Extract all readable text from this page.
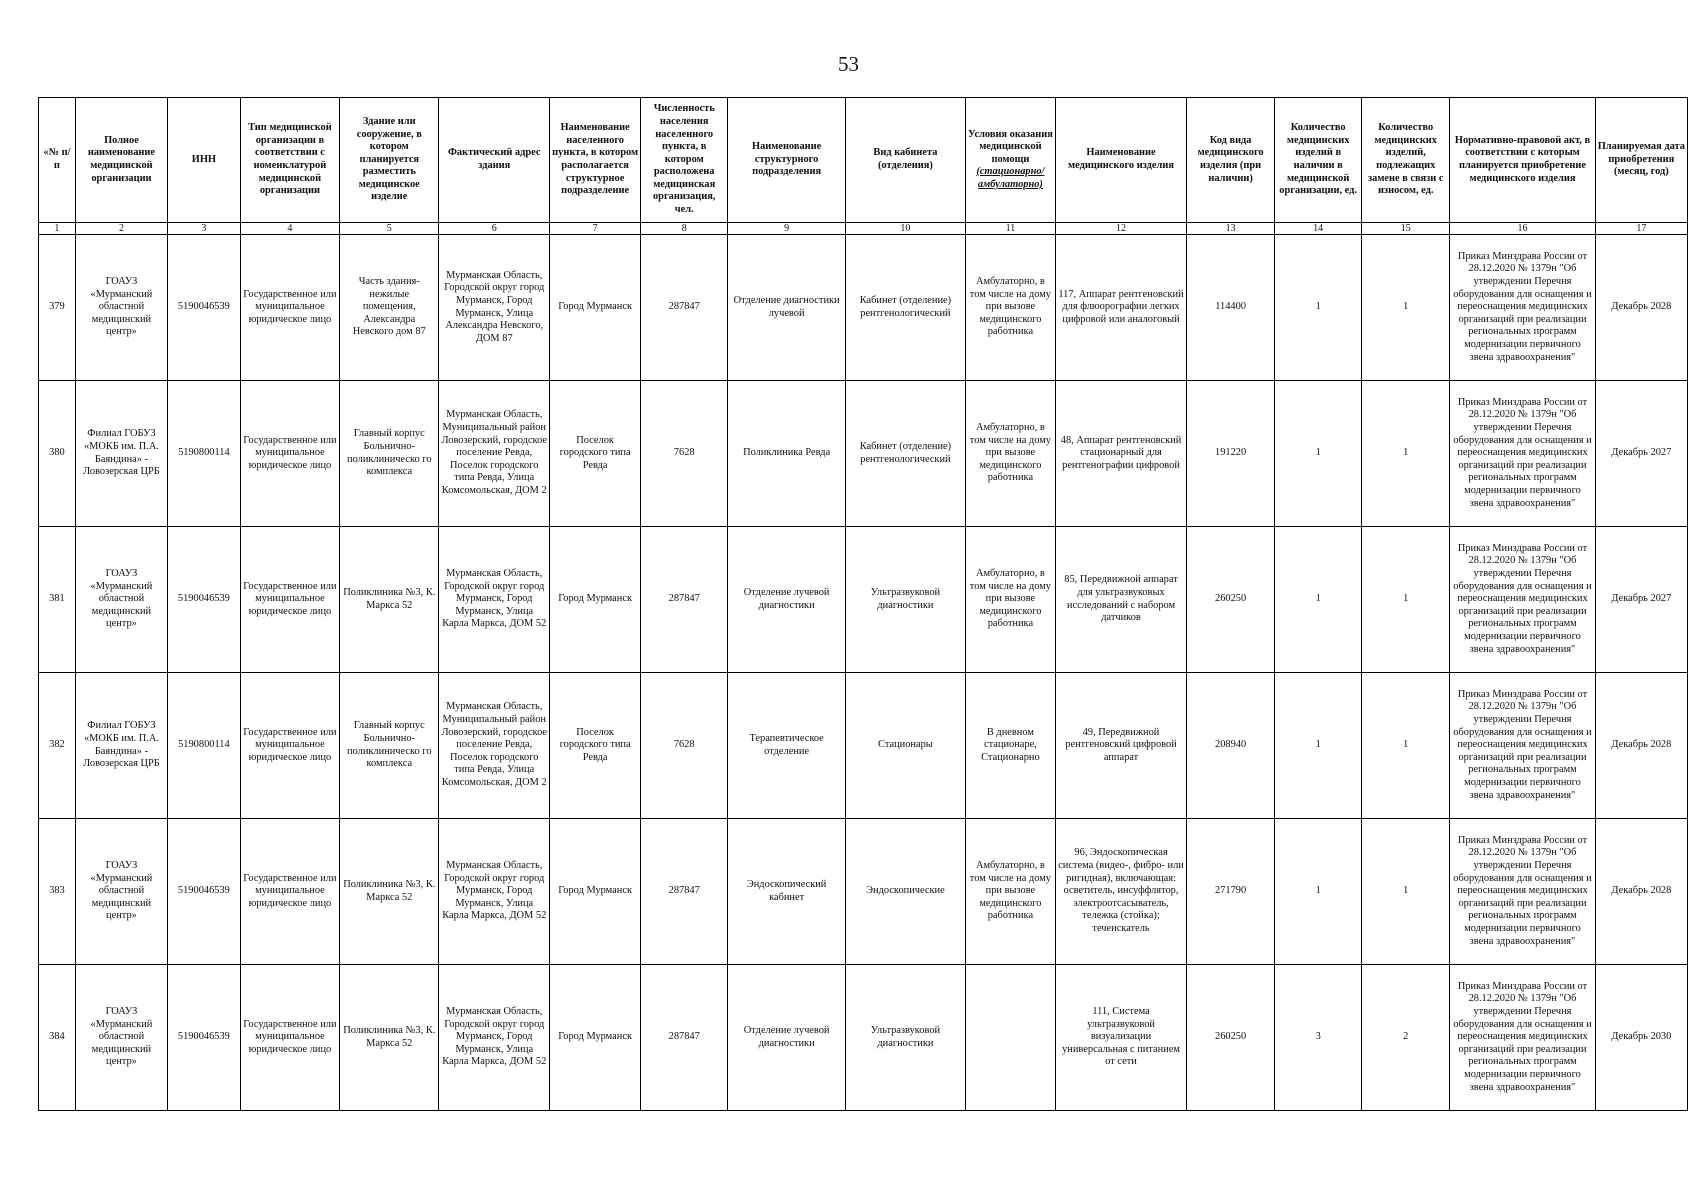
53
«№ п/п	Полное наименование медицинской организации	ИНН	Тип медицинской организации в соответствии с номенклатурой медицинской организации	Здание или сооружение, в котором планируется разместить медицинское изделие	Фактический адрес здания	Наименование населенного пункта, в котором располагается структурное подразделение	Численность населения населенного пункта, в котором расположена медицинская организация, чел.	Наименование структурного подразделения	Вид кабинета (отделения)	Условия оказания медицинской помощи (стационарно/ амбулаторно)	Наименование медицинского изделия	Код вида медицинского изделия (при наличии)	Количество медицинских изделий в наличии в медицинской организации, ед.	Количество медицинских изделий, подлежащих замене в связи с износом, ед.	Нормативно-правовой акт, в соответствии с которым планируется приобретение медицинского изделия	Планируемая дата приобретения (месяц, год)
1	2	3	4	5	6	7	8	9	10	11	12	13	14	15	16	17
379	ГОАУЗ «Мурманский областной медицинский центр»	5190046539	Государственное или муниципальное юридическое лицо	Часть здания- нежилые помещения, Александра Невского дом 87	Мурманская Область, Городской округ город Мурманск, Город Мурманск, Улица Александра Невского, ДОМ 87	Город Мурманск	287847	Отделение диагностики лучевой	Кабинет (отделение) рентгенологический	Амбулаторно, в том числе на дому при вызове медицинского работника	117, Аппарат рентгеновский для флюорографии легких цифровой или аналоговый	114400	1	1	Приказ Минздрава России от 28.12.2020 № 1379н "Об утверждении Перечня оборудования для оснащения и переоснащения медицинских организаций при реализации региональных программ модернизации первичного звена здравоохранения"	Декабрь 2028
380	Филиал ГОБУЗ «МОКБ им. П.А. Баяндина» - Ловозерская ЦРБ	5190800114	Государственное или муниципальное юридическое лицо	Главный корпус Больнично-поликлиническо го комплекса	Мурманская Область, Муниципальный район Ловозерский, городское поселение Ревда, Поселок городского типа Ревда, Улица Комсомольская, ДОМ 2	Поселок городского типа Ревда	7628	Поликлиника Ревда	Кабинет (отделение) рентгенологический	Амбулаторно, в том числе на дому при вызове медицинского работника	48, Аппарат рентгеновский стационарный для рентгенографии цифровой	191220	1	1	Приказ Минздрава России от 28.12.2020 № 1379н "Об утверждении Перечня оборудования для оснащения и переоснащения медицинских организаций при реализации региональных программ модернизации первичного звена здравоохранения"	Декабрь 2027
381	ГОАУЗ «Мурманский областной медицинский центр»	5190046539	Государственное или муниципальное юридическое лицо	Поликлиника №3, К. Маркса 52	Мурманская Область, Городской округ город Мурманск, Город Мурманск, Улица Карла Маркса, ДОМ 52	Город Мурманск	287847	Отделение лучевой диагностики	Ультразвуковой диагностики	Амбулаторно, в том числе на дому при вызове медицинского работника	85, Передвижной аппарат для ультразвуковых исследований с набором датчиков	260250	1	1	Приказ Минздрава России от 28.12.2020 № 1379н "Об утверждении Перечня оборудования для оснащения и переоснащения медицинских организаций при реализации региональных программ модернизации первичного звена здравоохранения"	Декабрь 2027
382	Филиал ГОБУЗ «МОКБ им. П.А. Баяндина» - Ловозерская ЦРБ	5190800114	Государственное или муниципальное юридическое лицо	Главный корпус Больнично-поликлиническо го комплекса	Мурманская Область, Муниципальный район Ловозерский, городское поселение Ревда, Поселок городского типа Ревда, Улица Комсомольская, ДОМ 2	Поселок городского типа Ревда	7628	Терапевтическое отделение	Стационары	В дневном стационаре, Стационарно	49, Передвижной рентгеновский цифровой аппарат	208940	1	1	Приказ Минздрава России от 28.12.2020 № 1379н "Об утверждении Перечня оборудования для оснащения и переоснащения медицинских организаций при реализации региональных программ модернизации первичного звена здравоохранения"	Декабрь 2028
383	ГОАУЗ «Мурманский областной медицинский центр»	5190046539	Государственное или муниципальное юридическое лицо	Поликлиника №3, К. Маркса 52	Мурманская Область, Городской округ город Мурманск, Город Мурманск, Улица Карла Маркса, ДОМ 52	Город Мурманск	287847	Эндоскопический кабинет	Эндоскопические	Амбулаторно, в том числе на дому при вызове медицинского работника	96, Эндоскопическая система (видео-, фибро- или ригидная), включающая: осветитель, инсуффлятор, электроотсасыватель, тележка (стойка); течеискатель	271790	1	1	Приказ Минздрава России от 28.12.2020 № 1379н "Об утверждении Перечня оборудования для оснащения и переоснащения медицинских организаций при реализации региональных программ модернизации первичного звена здравоохранения"	Декабрь 2028
384	ГОАУЗ «Мурманский областной медицинский центр»	5190046539	Государственное или муниципальное юридическое лицо	Поликлиника №3, К. Маркса 52	Мурманская Область, Городской округ город Мурманск, Город Мурманск, Улица Карла Маркса, ДОМ 52	Город Мурманск	287847	Отделение лучевой диагностики	Ультразвуковой диагностики		111, Система ультразвуковой визуализации универсальная с питанием от сети	260250	3	2	Приказ Минздрава России от 28.12.2020 № 1379н "Об утверждении Перечня оборудования для оснащения и переоснащения медицинских организаций при реализации региональных программ модернизации первичного звена здравоохранения"	Декабрь 2030
